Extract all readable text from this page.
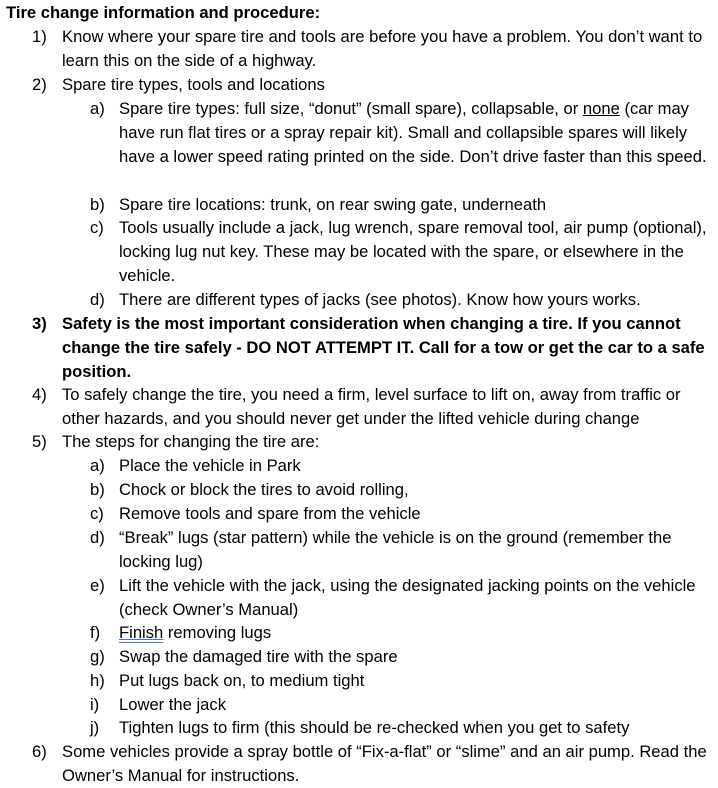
Tire change information and procedure:
1) Know where your spare tire and tools are before you have a problem. You don’t want to learn this on the side of a highway.
2) Spare tire types, tools and locations
a) Spare tire types: full size, “donut” (small spare), collapsable, or none (car may have run flat tires or a spray repair kit). Small and collapsible spares will likely have a lower speed rating printed on the side. Don’t drive faster than this speed.
b) Spare tire locations: trunk, on rear swing gate, underneath
c) Tools usually include a jack, lug wrench, spare removal tool, air pump (optional), locking lug nut key. These may be located with the spare, or elsewhere in the vehicle.
d) There are different types of jacks (see photos). Know how yours works.
3) Safety is the most important consideration when changing a tire. If you cannot change the tire safely - DO NOT ATTEMPT IT. Call for a tow or get the car to a safe position.
4) To safely change the tire, you need a firm, level surface to lift on, away from traffic or other hazards, and you should never get under the lifted vehicle during change
5) The steps for changing the tire are:
a) Place the vehicle in Park
b) Chock or block the tires to avoid rolling,
c) Remove tools and spare from the vehicle
d) “Break” lugs (star pattern) while the vehicle is on the ground (remember the locking lug)
e) Lift the vehicle with the jack, using the designated jacking points on the vehicle (check Owner’s Manual)
f)	Finish removing lugs
g) Swap the damaged tire with the spare
h) Put lugs back on, to medium tight
i)	Lower the jack
j)	Tighten lugs to firm (this should be re-checked when you get to safety
6) Some vehicles provide a spray bottle of “Fix-a-flat” or “slime” and an air pump. Read the Owner’s Manual for instructions.
